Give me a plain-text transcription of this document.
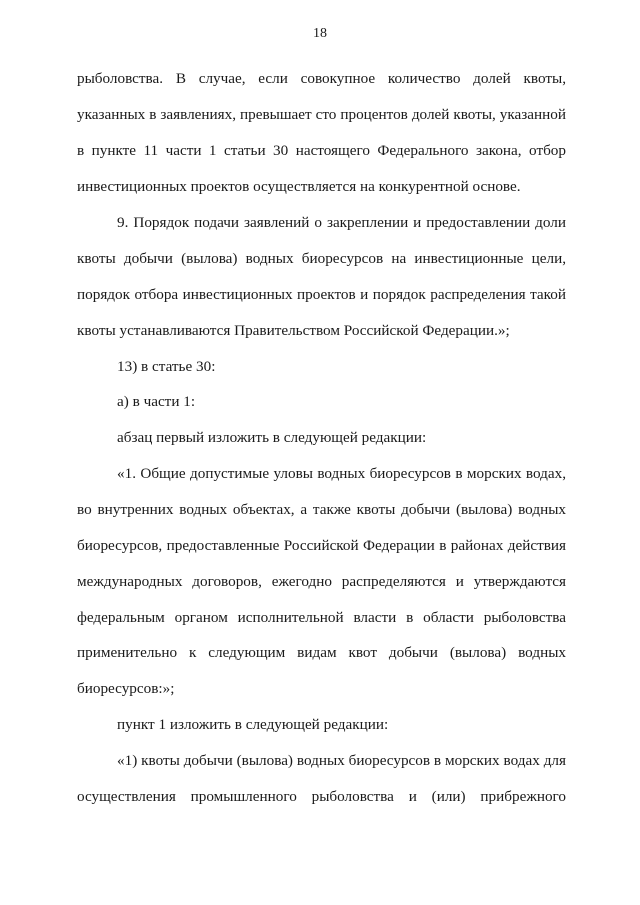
18
рыболовства. В случае, если совокупное количество долей квоты,
указанных в заявлениях, превышает сто процентов долей квоты, указанной
в пункте 11 части 1 статьи 30 настоящего Федерального закона, отбор
инвестиционных проектов осуществляется на конкурентной основе.
9. Порядок подачи заявлений о закреплении и предоставлении доли
квоты добычи (вылова) водных биоресурсов на инвестиционные цели,
порядок отбора инвестиционных проектов и порядок распределения такой
квоты устанавливаются Правительством Российской Федерации.»;
13) в статье 30:
а) в части 1:
абзац первый изложить в следующей редакции:
«1. Общие допустимые уловы водных биоресурсов в морских водах,
во внутренних водных объектах, а также квоты добычи (вылова) водных
биоресурсов, предоставленные Российской Федерации в районах действия
международных договоров, ежегодно распределяются и утверждаются
федеральным органом исполнительной власти в области рыболовства
применительно к следующим видам квот добычи (вылова) водных
биоресурсов:»;
пункт 1 изложить в следующей редакции:
«1) квоты добычи (вылова) водных биоресурсов в морских водах для
осуществления промышленного рыболовства и (или) прибрежного
